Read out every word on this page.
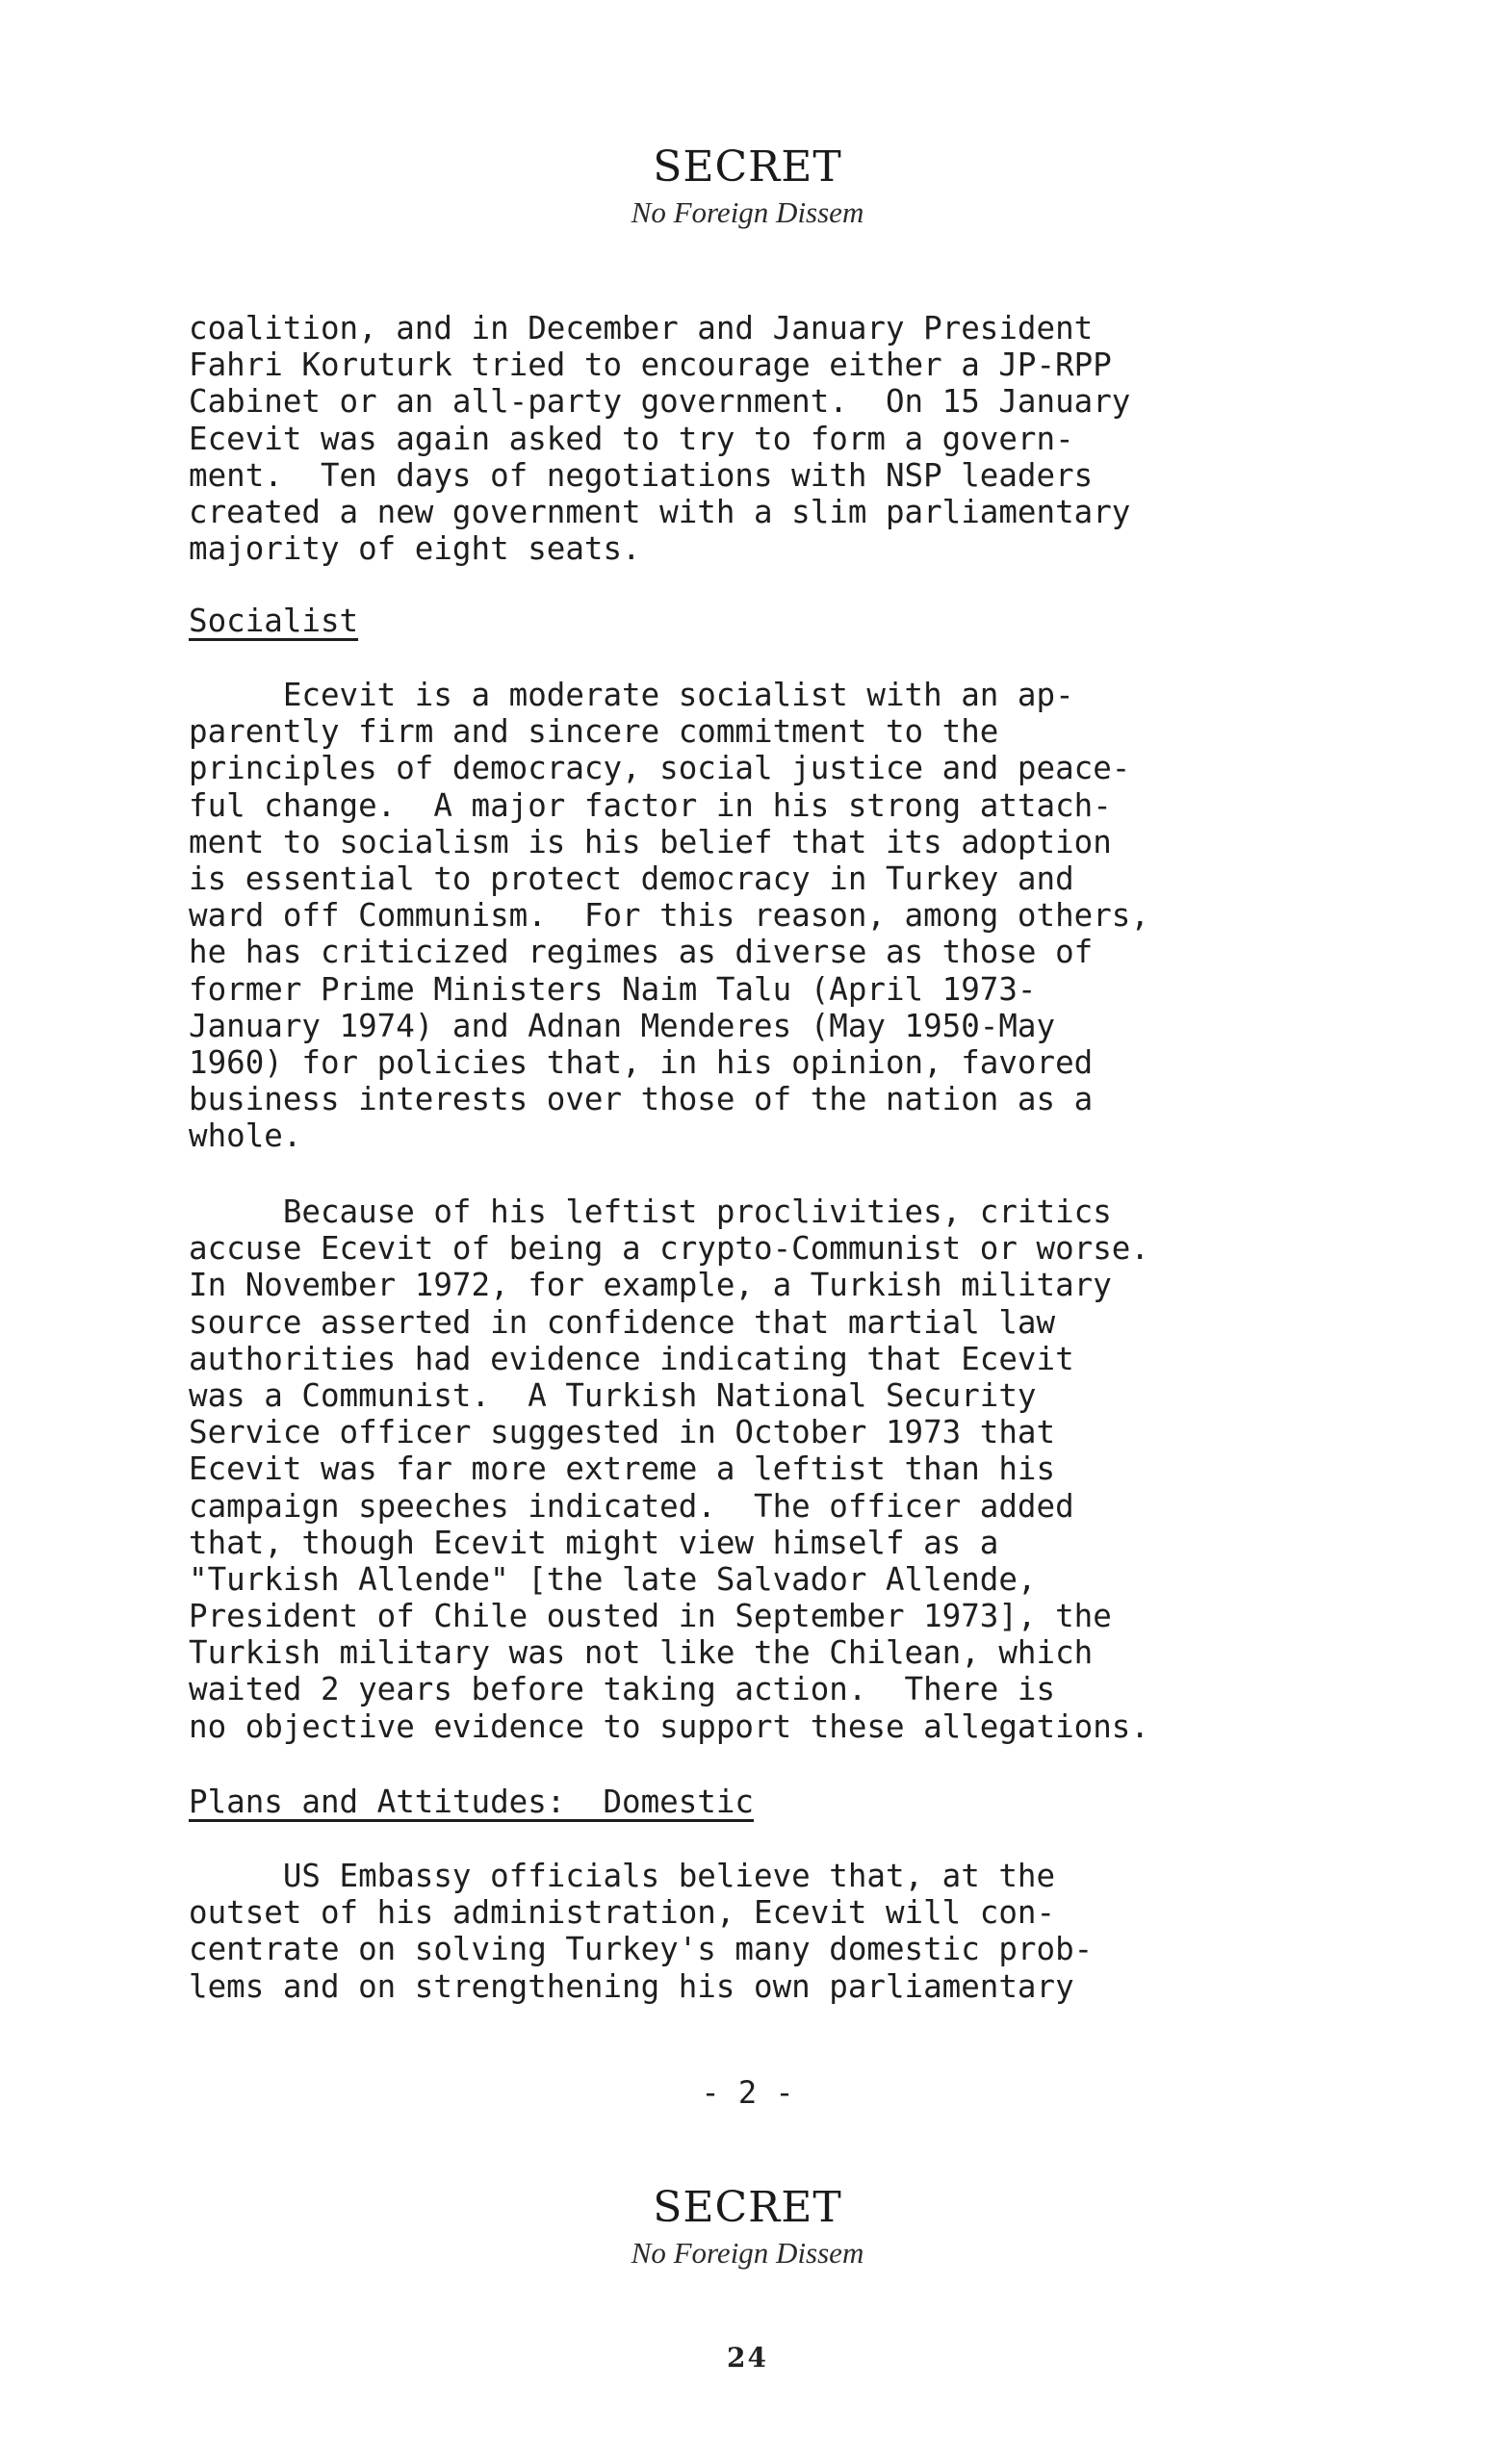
SECRET
No Foreign Dissem
coalition, and in December and January President
Fahri Koruturk tried to encourage either a JP-RPP
Cabinet or an all-party government.  On 15 January
Ecevit was again asked to try to form a govern-
ment.  Ten days of negotiations with NSP leaders
created a new government with a slim parliamentary
majority of eight seats.
Socialist
Ecevit is a moderate socialist with an ap-
parently firm and sincere commitment to the
principles of democracy, social justice and peace-
ful change.  A major factor in his strong attach-
ment to socialism is his belief that its adoption
is essential to protect democracy in Turkey and
ward off Communism.  For this reason, among others,
he has criticized regimes as diverse as those of
former Prime Ministers Naim Talu (April 1973-
January 1974) and Adnan Menderes (May 1950-May
1960) for policies that, in his opinion, favored
business interests over those of the nation as a
whole.
Because of his leftist proclivities, critics
accuse Ecevit of being a crypto-Communist or worse.
In November 1972, for example, a Turkish military
source asserted in confidence that martial law
authorities had evidence indicating that Ecevit
was a Communist.  A Turkish National Security
Service officer suggested in October 1973 that
Ecevit was far more extreme a leftist than his
campaign speeches indicated.  The officer added
that, though Ecevit might view himself as a
"Turkish Allende" [the late Salvador Allende,
President of Chile ousted in September 1973], the
Turkish military was not like the Chilean, which
waited 2 years before taking action.  There is
no objective evidence to support these allegations.
Plans and Attitudes:  Domestic
US Embassy officials believe that, at the
outset of his administration, Ecevit will con-
centrate on solving Turkey's many domestic prob-
lems and on strengthening his own parliamentary
- 2 -
SECRET
No Foreign Dissem
24
